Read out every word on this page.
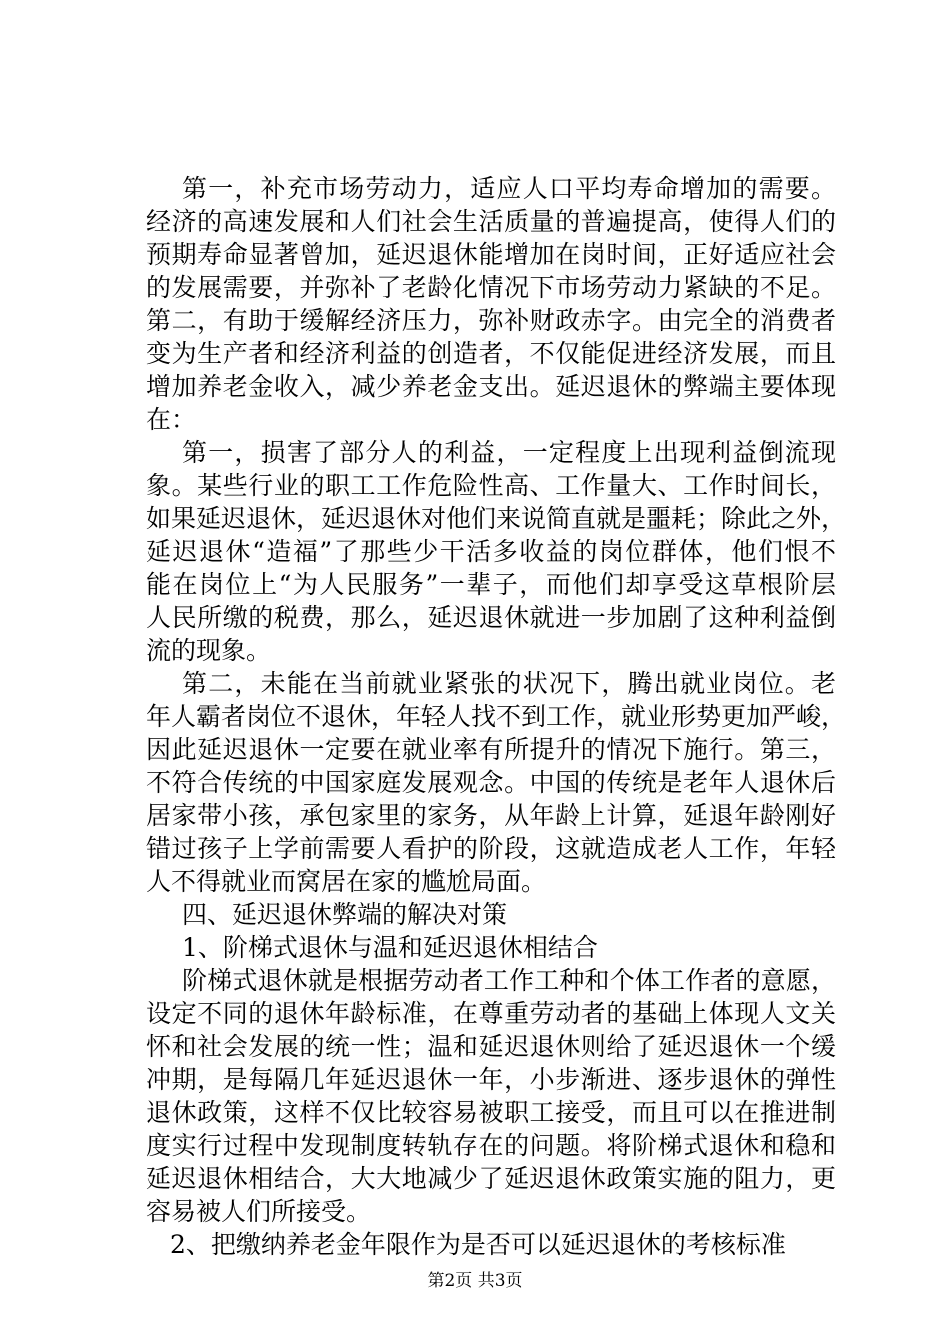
第一，补充市场劳动力，适应人口平均寿命增加的需要。
经济的高速发展和人们社会生活质量的普遍提高，使得人们的
预期寿命显著曾加，延迟退休能增加在岗时间，正好适应社会
的发展需要，并弥补了老龄化情况下市场劳动力紧缺的不足。
第二，有助于缓解经济压力，弥补财政赤字。由完全的消费者
变为生产者和经济利益的创造者，不仅能促进经济发展，而且
增加养老金收入，减少养老金支出。延迟退休的弊端主要体现
在：
第一，损害了部分人的利益，一定程度上出现利益倒流现
象。某些行业的职工工作危险性高、工作量大、工作时间长，
如果延迟退休，延迟退休对他们来说简直就是噩耗；除此之外，
延迟退休“造福”了那些少干活多收益的岗位群体，他们恨不
能在岗位上“为人民服务”一辈子，而他们却享受这草根阶层
人民所缴的税费，那么，延迟退休就进一步加剧了这种利益倒
流的现象。
第二，未能在当前就业紧张的状况下，腾出就业岗位。老
年人霸者岗位不退休，年轻人找不到工作，就业形势更加严峻，
因此延迟退休一定要在就业率有所提升的情况下施行。第三，
不符合传统的中国家庭发展观念。中国的传统是老年人退休后
居家带小孩，承包家里的家务，从年龄上计算，延退年龄刚好
错过孩子上学前需要人看护的阶段，这就造成老人工作，年轻
人不得就业而窝居在家的尴尬局面。
四、延迟退休弊端的解决对策
1、阶梯式退休与温和延迟退休相结合
阶梯式退休就是根据劳动者工作工种和个体工作者的意愿，
设定不同的退休年龄标准，在尊重劳动者的基础上体现人文关
怀和社会发展的统一性；温和延迟退休则给了延迟退休一个缓
冲期，是每隔几年延迟退休一年，小步渐进、逐步退休的弹性
退休政策，这样不仅比较容易被职工接受，而且可以在推进制
度实行过程中发现制度转轨存在的问题。将阶梯式退休和稳和
延迟退休相结合，大大地减少了延迟退休政策实施的阻力，更
容易被人们所接受。
2、把缴纳养老金年限作为是否可以延迟退休的考核标准
第2页 共3页
